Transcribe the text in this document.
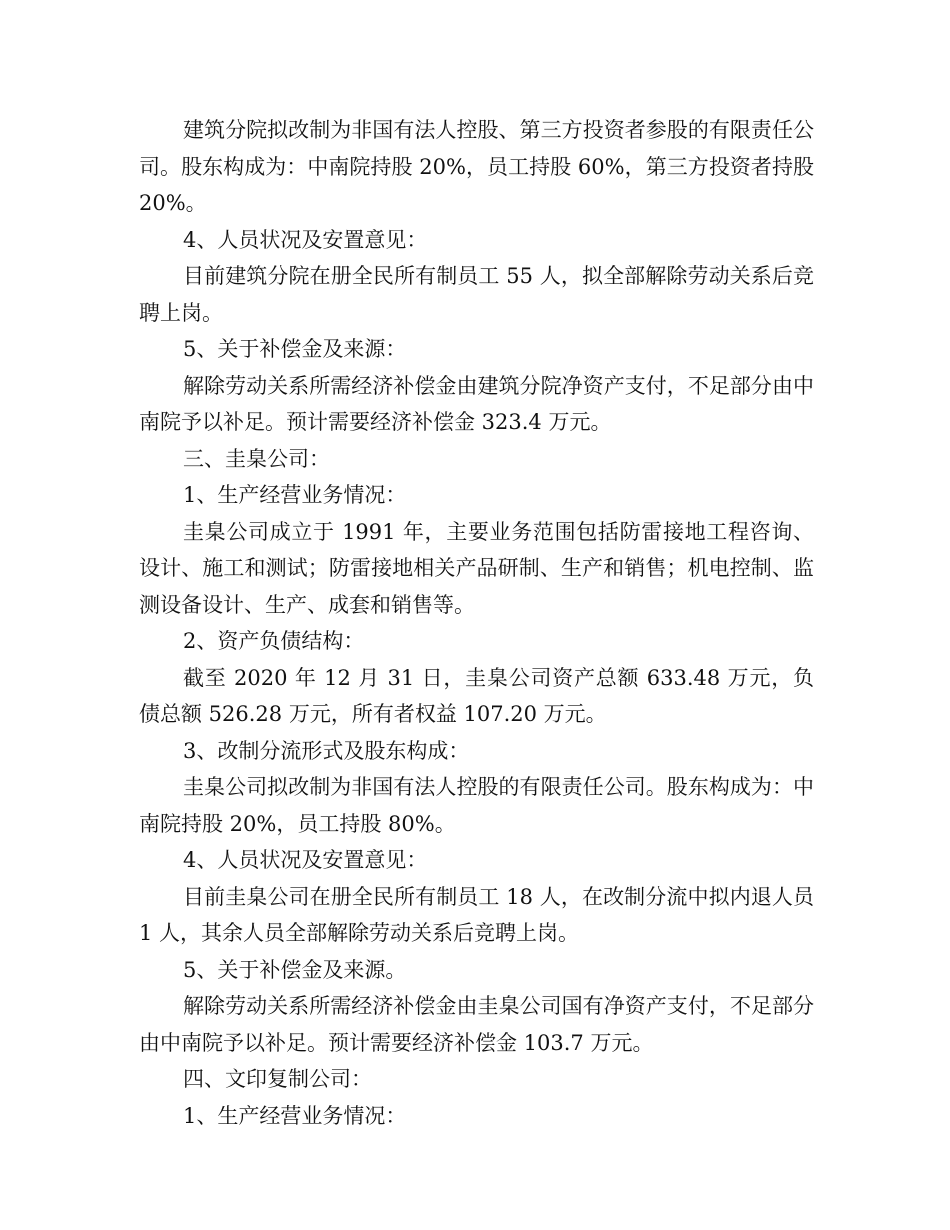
建筑分院拟改制为非国有法人控股、第三方投资者参股的有限责任公司。股东构成为：中南院持股 20%，员工持股 60%，第三方投资者持股 20%。

4、人员状况及安置意见：

目前建筑分院在册全民所有制员工 55 人，拟全部解除劳动关系后竞聘上岗。

5、关于补偿金及来源：

解除劳动关系所需经济补偿金由建筑分院净资产支付，不足部分由中南院予以补足。预计需要经济补偿金 323.4 万元。

三、圭臬公司：

1、生产经营业务情况：

圭臬公司成立于 1991 年，主要业务范围包括防雷接地工程咨询、设计、施工和测试；防雷接地相关产品研制、生产和销售；机电控制、监测设备设计、生产、成套和销售等。

2、资产负债结构：

截至 2020 年 12 月 31 日，圭臬公司资产总额 633.48 万元，负债总额 526.28 万元，所有者权益 107.20 万元。

3、改制分流形式及股东构成：

圭臬公司拟改制为非国有法人控股的有限责任公司。股东构成为：中南院持股 20%，员工持股 80%。

4、人员状况及安置意见：

目前圭臬公司在册全民所有制员工 18 人，在改制分流中拟内退人员 1 人，其余人员全部解除劳动关系后竞聘上岗。

5、关于补偿金及来源。

解除劳动关系所需经济补偿金由圭臬公司国有净资产支付，不足部分由中南院予以补足。预计需要经济补偿金 103.7 万元。

四、文印复制公司：

1、生产经营业务情况：
